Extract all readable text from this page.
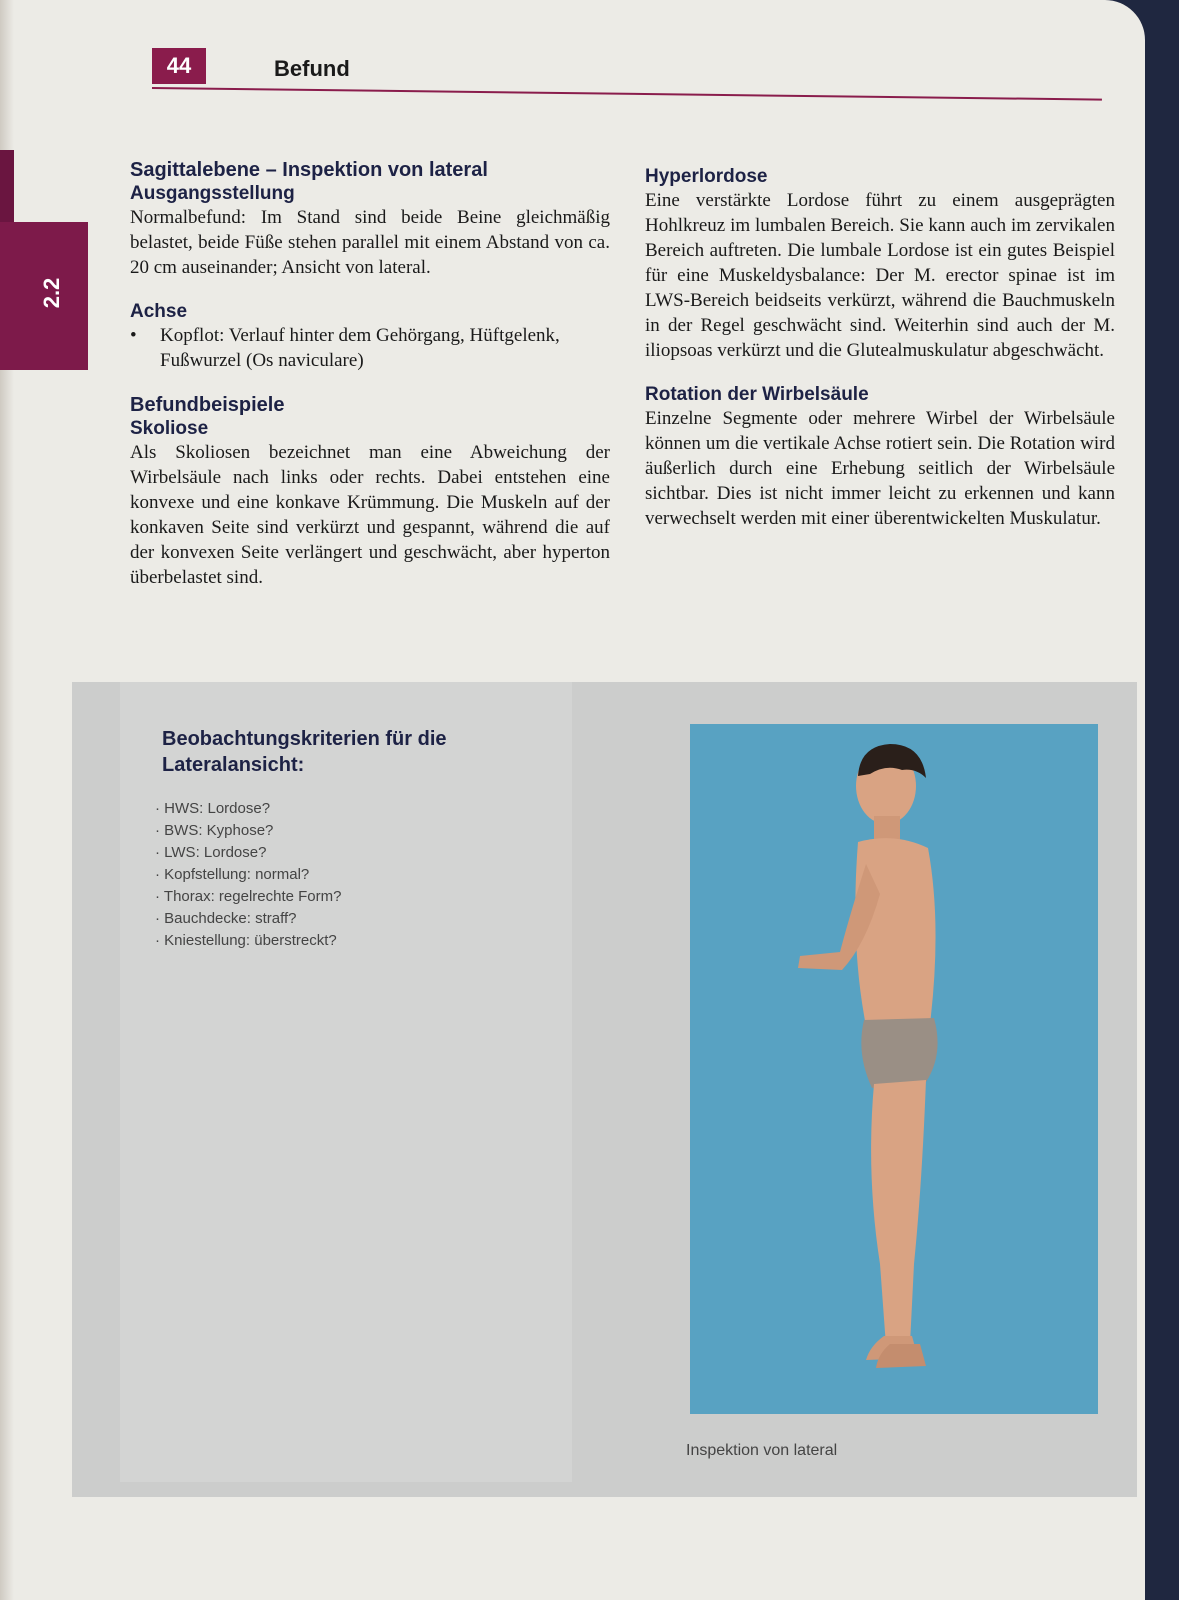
44	Befund
2.2
Sagittalebene – Inspektion von lateral
Ausgangsstellung

Normalbefund: Im Stand sind beide Beine gleichmäßig belastet, beide Füße stehen parallel mit einem Abstand von ca. 20 cm auseinander; Ansicht von lateral.

Achse
•	Kopflot: Verlauf hinter dem Gehörgang, Hüftgelenk, Fußwurzel (Os naviculare)
Befundbeispiele
Skoliose

Als Skoliosen bezeichnet man eine Abweichung der Wirbelsäule nach links oder rechts. Dabei entstehen eine konvexe und eine konkave Krümmung. Die Muskeln auf der konkaven Seite sind verkürzt und gespannt, während die auf der konvexen Seite verlängert und geschwächt, aber hyperton überbelastet sind.

Hyperlordose

Eine verstärkte Lordose führt zu einem ausgeprägten Hohlkreuz im lumbalen Bereich. Sie kann auch im zervikalen Bereich auftreten. Die lumbale Lordose ist ein gutes Beispiel für eine Muskeldysbalance: Der M. erector spinae ist im LWS-Bereich beidseits verkürzt, während die Bauchmuskeln in der Regel geschwächt sind. Weiterhin sind auch der M. iliopsoas verkürzt und die Glutealmuskulatur abgeschwächt.

Rotation der Wirbelsäule

Einzelne Segmente oder mehrere Wirbel der Wirbelsäule können um die vertikale Achse rotiert sein. Die Rotation wird äußerlich durch eine Erhebung seitlich der Wirbelsäule sichtbar. Dies ist nicht immer leicht zu erkennen und kann verwechselt werden mit einer überentwickelten Muskulatur.

Beobachtungskriterien für die Lateralansicht:
· HWS: Lordose?
· BWS: Kyphose?
· LWS: Lordose?
· Kopfstellung: normal?
· Thorax: regelrechte Form?
· Bauchdecke: straff?
· Kniestellung: überstreckt?
Inspektion von lateral
